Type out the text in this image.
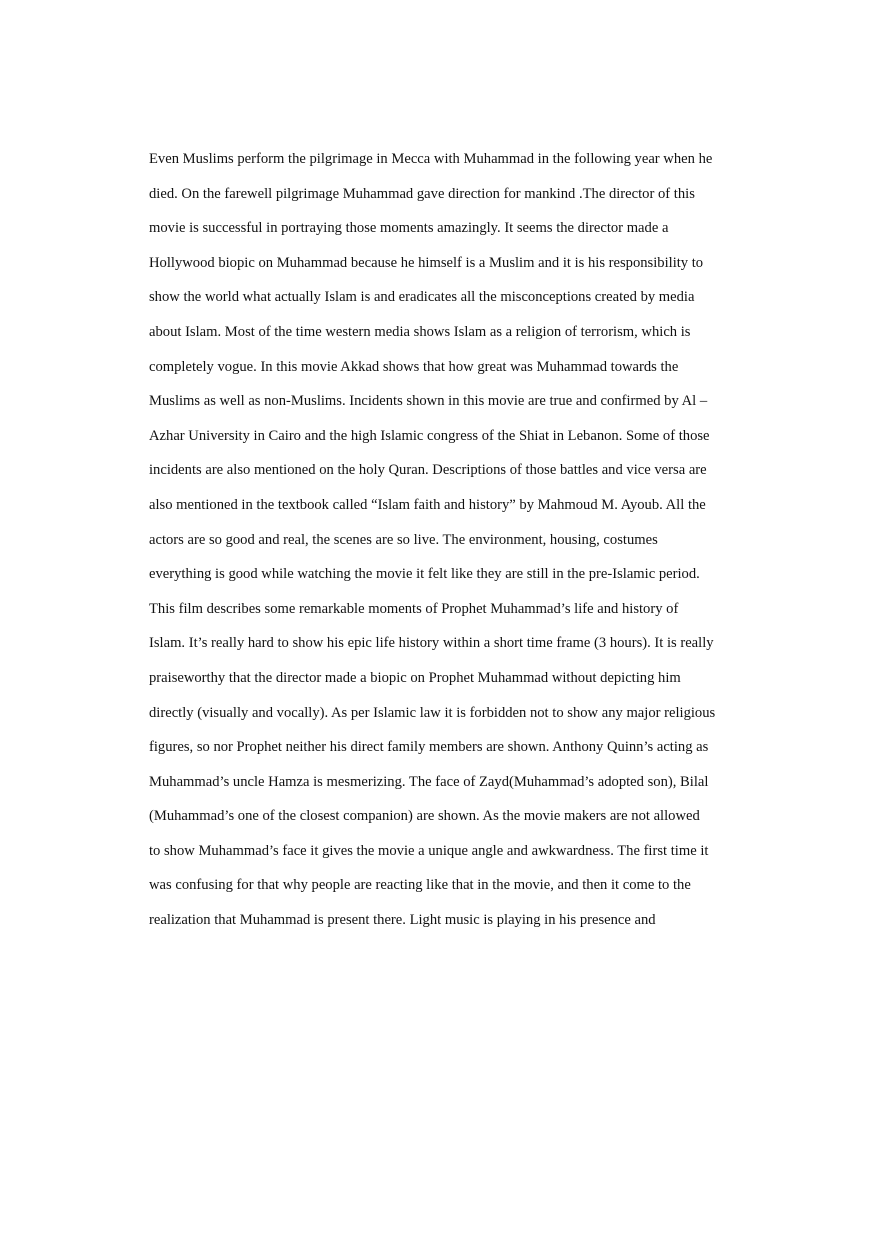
Even Muslims perform the pilgrimage in Mecca with Muhammad in the following year when he
died. On the farewell pilgrimage Muhammad gave direction for mankind .The director of this
movie is successful in portraying those moments amazingly. It seems the director made a
Hollywood biopic on Muhammad because he himself is a Muslim and it is his responsibility to
show the world what actually Islam is and eradicates all the misconceptions created by media
about Islam. Most of the time western media shows Islam as a religion of terrorism, which is
completely vogue. In this movie Akkad shows that how great was Muhammad towards the
Muslims as well as non-Muslims. Incidents shown in this movie are true and confirmed by Al –
Azhar University in Cairo and the high Islamic congress of the Shiat in Lebanon. Some of those
incidents are also mentioned on the holy Quran. Descriptions of those battles and vice versa are
also mentioned in the textbook called “Islam faith and history” by Mahmoud M. Ayoub. All the
actors are so good and real, the scenes are so live. The environment, housing, costumes
everything is good while watching the movie it felt like they are still in the pre-Islamic period.
This film describes some remarkable moments of Prophet Muhammad’s life and history of
Islam. It’s really hard to show his epic life history within a short time frame (3 hours). It is really
praiseworthy that the director made a biopic on Prophet Muhammad without depicting him
directly (visually and vocally). As per Islamic law it is forbidden not to show any major religious
figures, so nor Prophet neither his direct family members are shown. Anthony Quinn’s acting as
Muhammad’s uncle Hamza is mesmerizing. The face of Zayd(Muhammad’s adopted son), Bilal
(Muhammad’s one of the closest companion) are shown. As the movie makers are not allowed
to show Muhammad’s face it gives the movie a unique angle and awkwardness. The first time it
was confusing for that why people are reacting like that in the movie, and then it come to the
realization that Muhammad is present there. Light music is playing in his presence and
